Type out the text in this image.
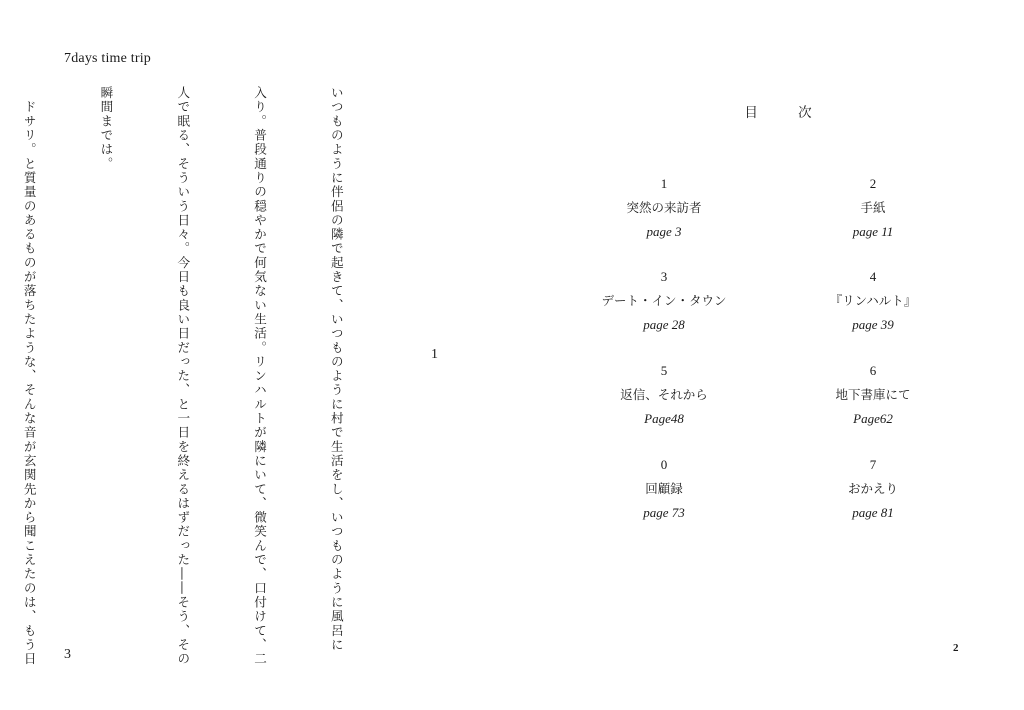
7days time trip

いつものように伴侶の隣で起きて、いつものように村で生活をし、いつものように風呂に

入り。普段通りの穏やかで何気ない生活。リンハルトが隣にいて、微笑んで、口付けて、二

人で眠る、そういう日々。今日も良い日だった、と一日を終えるはずだった――そう、その

瞬間までは。

　ドサリ。と質量のあるものが落ちたような、そんな音が玄関先から聞こえたのは、もう日

	1
3
目 次
1
突然の来訪者
page 3
2
手紙
page 11
3
デート・イン・タウン
page 28
4
『リンハルト』
page 39
5
返信、それから
Page48
6
地下書庫にて
Page62
0
回顧録
page 73
7
おかえり
page 81
2
